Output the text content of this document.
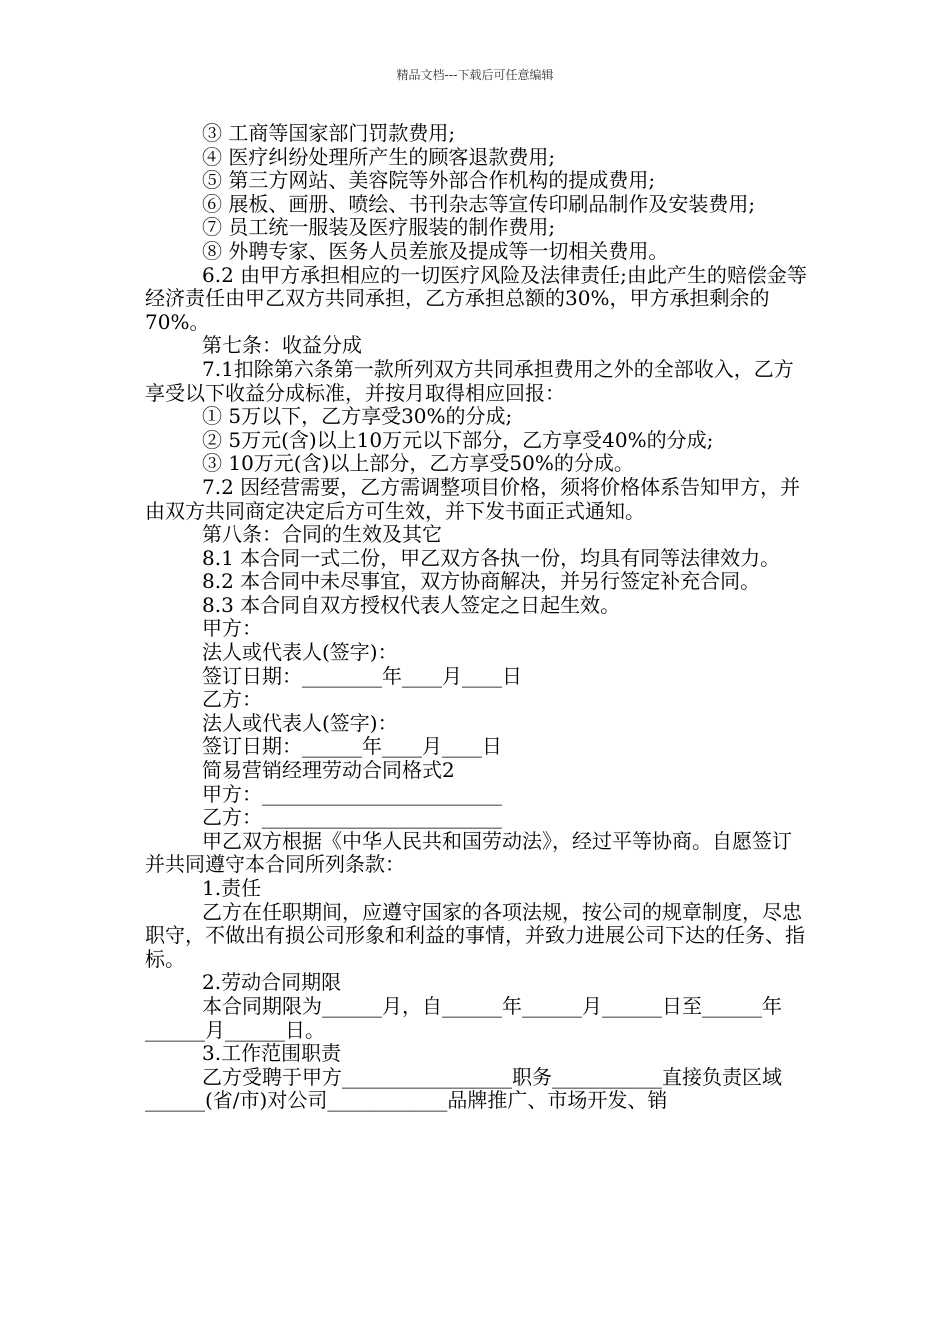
精品文档---下载后可任意编辑

③ 工商等国家部门罚款费用;

④ 医疗纠纷处理所产生的顾客退款费用;

⑤ 第三方网站、美容院等外部合作机构的提成费用;

⑥ 展板、画册、喷绘、书刊杂志等宣传印刷品制作及安装费用;

⑦ 员工统一服装及医疗服装的制作费用;

⑧ 外聘专家、医务人员差旅及提成等一切相关费用。

6.2 由甲方承担相应的一切医疗风险及法律责任;由此产生的赔偿金等经济责任由甲乙双方共同承担，乙方承担总额的30%，甲方承担剩余的70%。

第七条：收益分成

7.1扣除第六条第一款所列双方共同承担费用之外的全部收入，乙方享受以下收益分成标准，并按月取得相应回报：

① 5万以下，乙方享受30%的分成;

② 5万元(含)以上10万元以下部分，乙方享受40%的分成;

③ 10万元(含)以上部分，乙方享受50%的分成。

7.2 因经营需要，乙方需调整项目价格，须将价格体系告知甲方，并由双方共同商定决定后方可生效，并下发书面正式通知。

第八条：合同的生效及其它

8.1 本合同一式二份，甲乙双方各执一份，均具有同等法律效力。

8.2 本合同中未尽事宜，双方协商解决，并另行签定补充合同。

8.3 本合同自双方授权代表人签定之日起生效。

甲方：

法人或代表人(签字)：

签订日期：________年____月____日

乙方：

法人或代表人(签字)：

签订日期：______年____月____日

简易营销经理劳动合同格式2

甲方：________________________

乙方：________________________

甲乙双方根据《中华人民共和国劳动法》，经过平等协商。自愿签订并共同遵守本合同所列条款：

1.责任

乙方在任职期间，应遵守国家的各项法规，按公司的规章制度，尽忠职守，不做出有损公司形象和利益的事情，并致力进展公司下达的任务、指标。

2.劳动合同期限

本合同期限为______月，自______年______月______日至______年______月______日。

3.工作范围职责

乙方受聘于甲方_________________职务___________直接负责区域______(省/市)对公司____________品牌推广、市场开发、销
